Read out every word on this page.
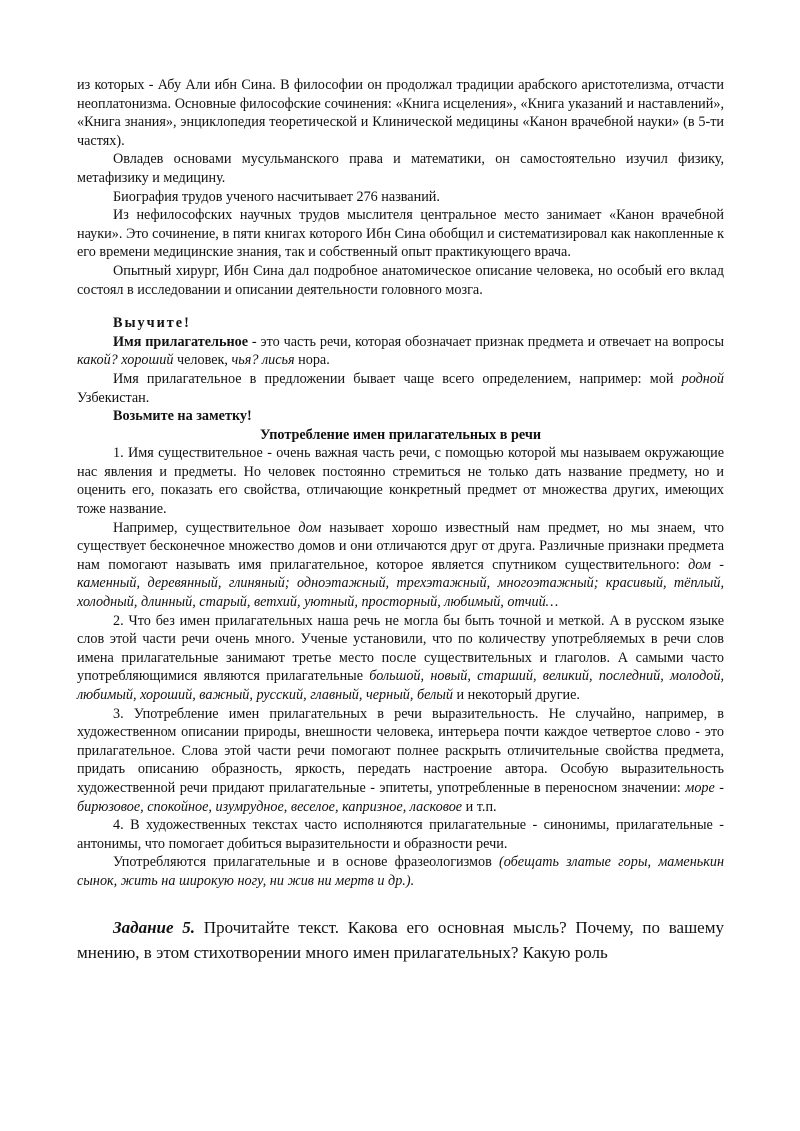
из которых - Абу Али ибн Сина. В философии он продолжал традиции арабского аристотелизма, отчасти неоплатонизма. Основные философские сочинения: «Книга исцеления», «Книга указаний и наставлений», «Книга знания», энциклопедия теоретической и Клинической медицины «Канон врачебной науки» (в 5-ти частях).

Овладев основами мусульманского права и математики, он самостоятельно изучил физику, метафизику и медицину.

Биография трудов ученого насчитывает 276 названий.

Из нефилософских научных трудов мыслителя центральное место занимает «Канон врачебной науки». Это сочинение, в пяти книгах которого Ибн Сина обобщил и систематизировал как накопленные к его времени медицинские знания, так и собственный опыт практикующего врача.

Опытный хирург, Ибн Сина дал подробное анатомическое описание человека, но особый его вклад состоял в исследовании и описании деятельности головного мозга.

Выучите!

Имя прилагательное - это часть речи, которая обозначает признак предмета и отвечает на вопросы какой? хороший человек, чья? лисья нора.

Имя прилагательное в предложении бывает чаще всего определением, например: мой родной Узбекистан.

Возьмите на заметку!

Употребление имен прилагательных в речи

1. Имя существительное - очень важная часть речи, с помощью которой мы называем окружающие нас явления и предметы. Но человек постоянно стремиться не только дать название предмету, но и оценить его, показать его свойства, отличающие конкретный предмет от множества других, имеющих тоже название.

Например, существительное дом называет хорошо известный нам предмет, но мы знаем, что существует бесконечное множество домов и они отличаются друг от друга. Различные признаки предмета нам помогают называть имя прилагательное, которое является спутником существительного: дом - каменный, деревянный, глиняный; одноэтажный, трехэтажный, многоэтажный; красивый, тёплый, холодный, длинный, старый, ветхий, уютный, просторный, любимый, отчий…

2. Что без имен прилагательных наша речь не могла бы быть точной и меткой. А в русском языке слов этой части речи очень много. Ученые установили, что по количеству употребляемых в речи слов имена прилагательные занимают третье место после существительных и глаголов. А самыми часто употребляющимися являются прилагательные большой, новый, старший, великий, последний, молодой, любимый, хороший, важный, русский, главный, черный, белый и некоторый другие.

3. Употребление имен прилагательных в речи выразительность. Не случайно, например, в художественном описании природы, внешности человека, интерьера почти каждое четвертое слово - это прилагательное. Слова этой части речи помогают полнее раскрыть отличительные свойства предмета, придать описанию образность, яркость, передать настроение автора. Особую выразительность художественной речи придают прилагательные - эпитеты, употребленные в переносном значении: море - бирюзовое, спокойное, изумрудное, веселое, капризное, ласковое и т.п.

4. В художественных текстах часто исполняются прилагательные - синонимы, прилагательные - антонимы, что помогает добиться выразительности и образности речи.

Употребляются прилагательные и в основе фразеологизмов (обещать златые горы, маменькин сынок, жить на широкую ногу, ни жив ни мертв и др.).

Задание 5. Прочитайте текст. Какова его основная мысль? Почему, по вашему мнению, в этом стихотворении много имен прилагательных? Какую роль
